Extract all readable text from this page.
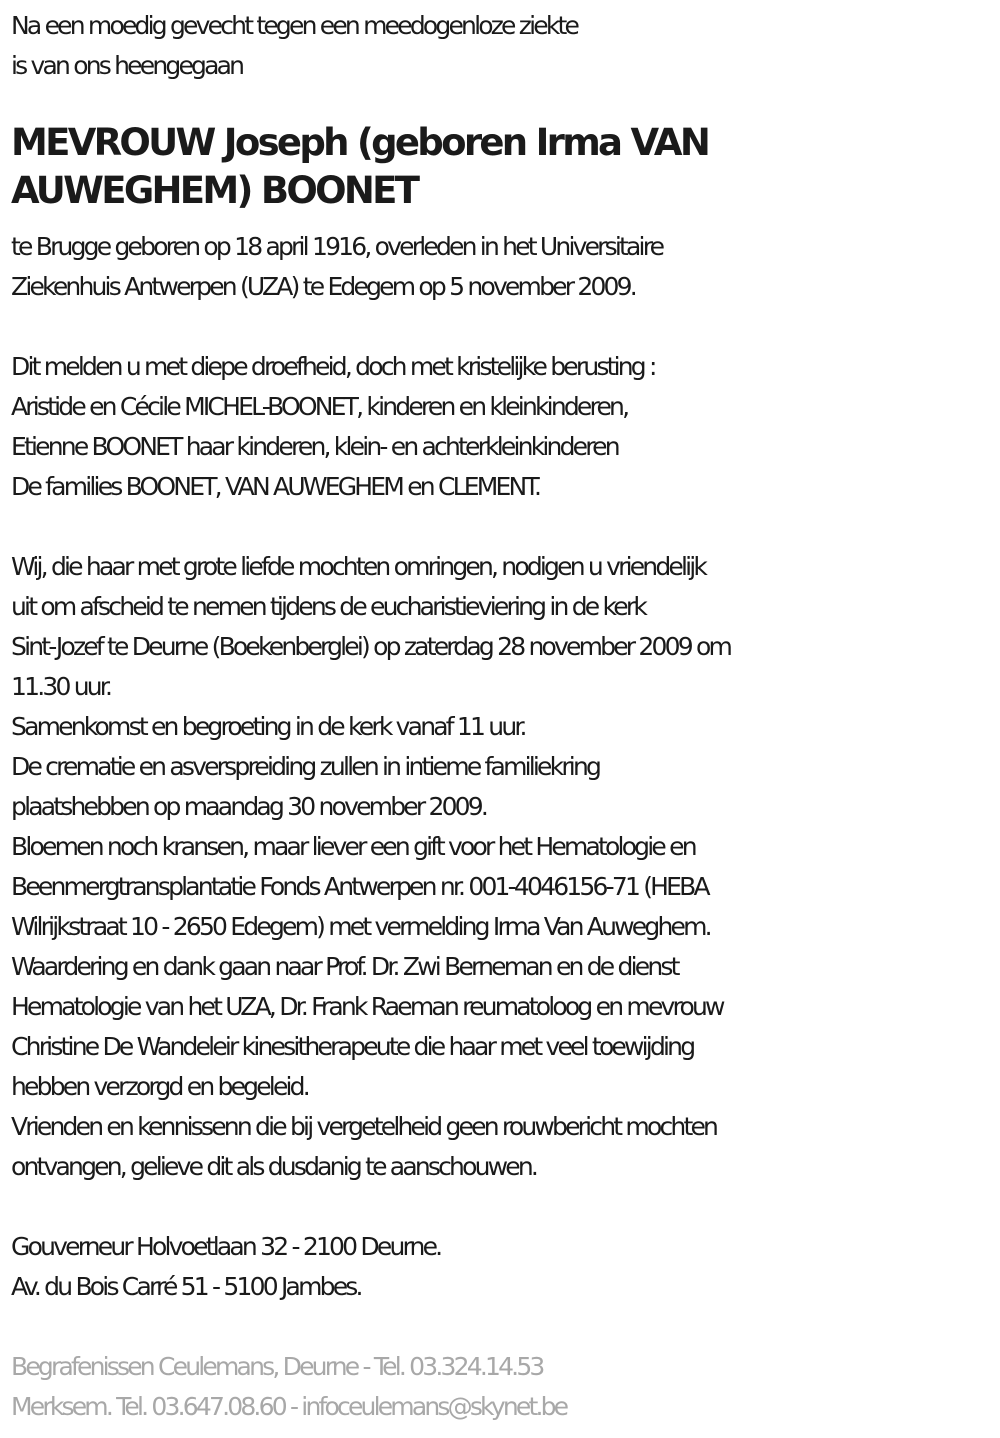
Na een moedig gevecht tegen een meedogenloze ziekte
is van ons heengegaan
MEVROUW Joseph (geboren Irma VAN
AUWEGHEM) BOONET
te Brugge geboren op 18 april 1916, overleden in het Universitaire
Ziekenhuis Antwerpen (UZA) te Edegem op 5 november 2009.
Dit melden u met diepe droefheid, doch met kristelijke berusting :
Aristide en Cécile MICHEL-BOONET, kinderen en kleinkinderen,
Etienne BOONET haar kinderen, klein- en achterkleinkinderen
De families BOONET, VAN AUWEGHEM en CLEMENT.
Wij, die haar met grote liefde mochten omringen, nodigen u vriendelijk
uit om afscheid te nemen tijdens de eucharistieviering in de kerk
Sint-Jozef te Deurne (Boekenberglei) op zaterdag 28 november 2009 om
11.30 uur.
Samenkomst en begroeting in de kerk vanaf 11 uur.
De crematie en asverspreiding zullen in intieme familiekring
plaatshebben op maandag 30 november 2009.
Bloemen noch kransen, maar liever een gift voor het Hematologie en
Beenmergtransplantatie Fonds Antwerpen nr. 001-4046156-71 (HEBA
Wilrijkstraat 10 - 2650 Edegem) met vermelding Irma Van Auweghem.
Waardering en dank gaan naar Prof. Dr. Zwi Berneman en de dienst
Hematologie van het UZA, Dr. Frank Raeman reumatoloog en mevrouw
Christine De Wandeleir kinesitherapeute die haar met veel toewijding
hebben verzorgd en begeleid.
Vrienden en kennissenn die bij vergetelheid geen rouwbericht mochten
ontvangen, gelieve dit als dusdanig te aanschouwen.
Gouverneur Holvoetlaan 32 - 2100 Deurne.
Av. du Bois Carré 51 - 5100 Jambes.
Begrafenissen Ceulemans, Deurne - Tel. 03.324.14.53
Merksem. Tel. 03.647.08.60 - infoceulemans@skynet.be
